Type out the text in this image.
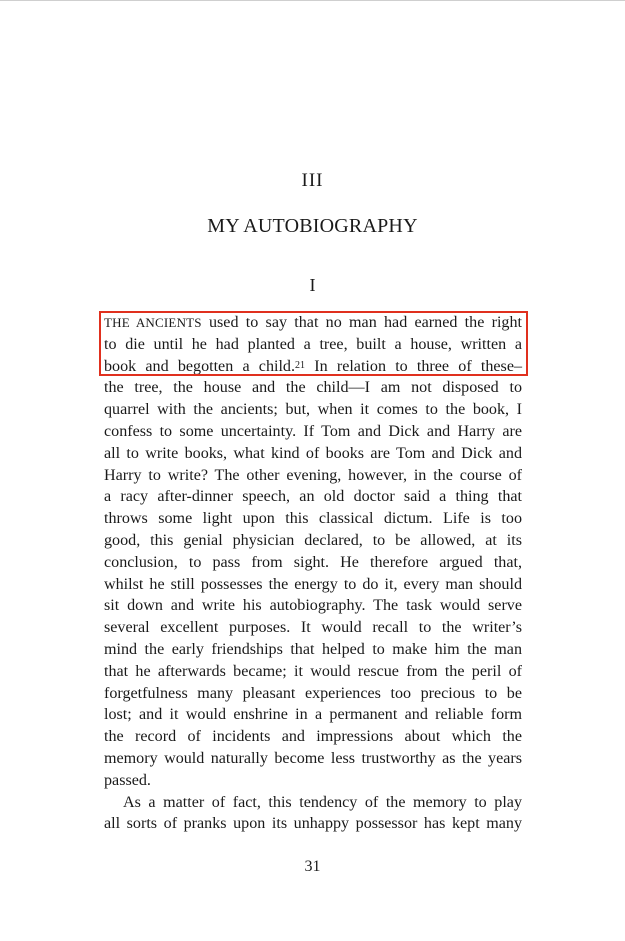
III
MY AUTOBIOGRAPHY
I
THE ANCIENTS used to say that no man had earned the right
to die until he had planted a tree, built a house, written a
book and begotten a child.$^{21}$ In relation to three of these–
the tree, the house and the child—I am not disposed to
quarrel with the ancients; but, when it comes to the book, I
confess to some uncertainty. If Tom and Dick and Harry are
all to write books, what kind of books are Tom and Dick and
Harry to write? The other evening, however, in the course of
a racy after-dinner speech, an old doctor said a thing that
throws some light upon this classical dictum. Life is too
good, this genial physician declared, to be allowed, at its
conclusion, to pass from sight. He therefore argued that,
whilst he still possesses the energy to do it, every man should
sit down and write his autobiography. The task would serve
several excellent purposes. It would recall to the writer’s
mind the early friendships that helped to make him the man
that he afterwards became; it would rescue from the peril of
forgetfulness many pleasant experiences too precious to be
lost; and it would enshrine in a permanent and reliable form
the record of incidents and impressions about which the
memory would naturally become less trustworthy as the years
passed.
As a matter of fact, this tendency of the memory to play
all sorts of pranks upon its unhappy possessor has kept many
31
